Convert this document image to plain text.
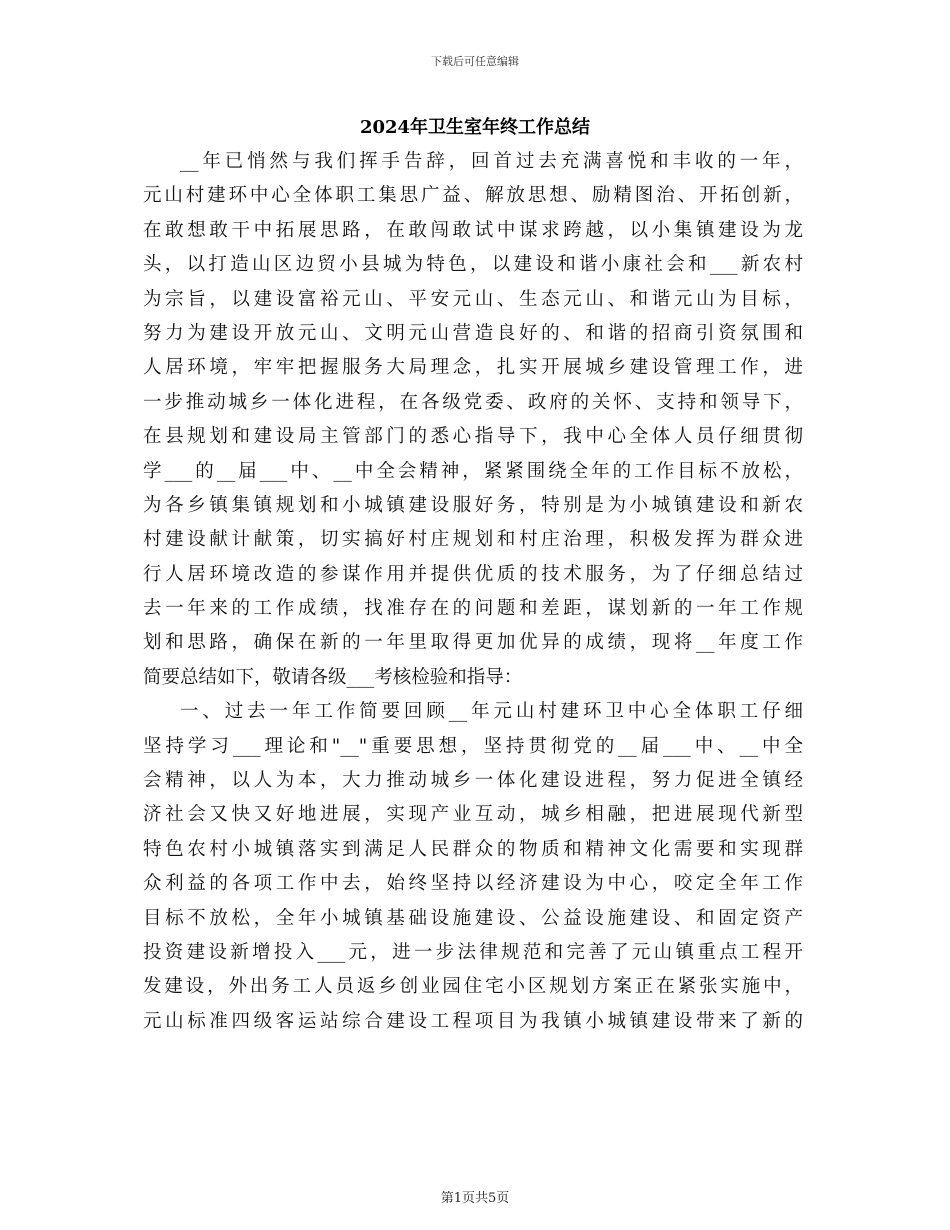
下载后可任意编辑
2024年卫生室年终工作总结
__年已悄然与我们挥手告辞，回首过去充满喜悦和丰收的一年，
元山村建环中心全体职工集思广益、解放思想、励精图治、开拓创新，
在敢想敢干中拓展思路，在敢闯敢试中谋求跨越，以小集镇建设为龙
头，以打造山区边贸小县城为特色，以建设和谐小康社会和___新农村
为宗旨，以建设富裕元山、平安元山、生态元山、和谐元山为目标，
努力为建设开放元山、文明元山营造良好的、和谐的招商引资氛围和
人居环境，牢牢把握服务大局理念，扎实开展城乡建设管理工作，进
一步推动城乡一体化进程，在各级党委、政府的关怀、支持和领导下，
在县规划和建设局主管部门的悉心指导下，我中心全体人员仔细贯彻
学___的__届___中、__中全会精神，紧紧围绕全年的工作目标不放松，
为各乡镇集镇规划和小城镇建设服好务，特别是为小城镇建设和新农
村建设献计献策，切实搞好村庄规划和村庄治理，积极发挥为群众进
行人居环境改造的参谋作用并提供优质的技术服务，为了仔细总结过
去一年来的工作成绩，找准存在的问题和差距，谋划新的一年工作规
划和思路，确保在新的一年里取得更加优异的成绩，现将__年度工作
简要总结如下，敬请各级___考核检验和指导：
一、过去一年工作简要回顾__年元山村建环卫中心全体职工仔细
坚持学习___理论和"__"重要思想，坚持贯彻党的__届___中、__中全
会精神，以人为本，大力推动城乡一体化建设进程，努力促进全镇经
济社会又快又好地进展，实现产业互动，城乡相融，把进展现代新型
特色农村小城镇落实到满足人民群众的物质和精神文化需要和实现群
众利益的各项工作中去，始终坚持以经济建设为中心，咬定全年工作
目标不放松，全年小城镇基础设施建设、公益设施建设、和固定资产
投资建设新增投入___元，进一步法律规范和完善了元山镇重点工程开
发建设，外出务工人员返乡创业园住宅小区规划方案正在紧张实施中，
元山标准四级客运站综合建设工程项目为我镇小城镇建设带来了新的
第1页共5页
